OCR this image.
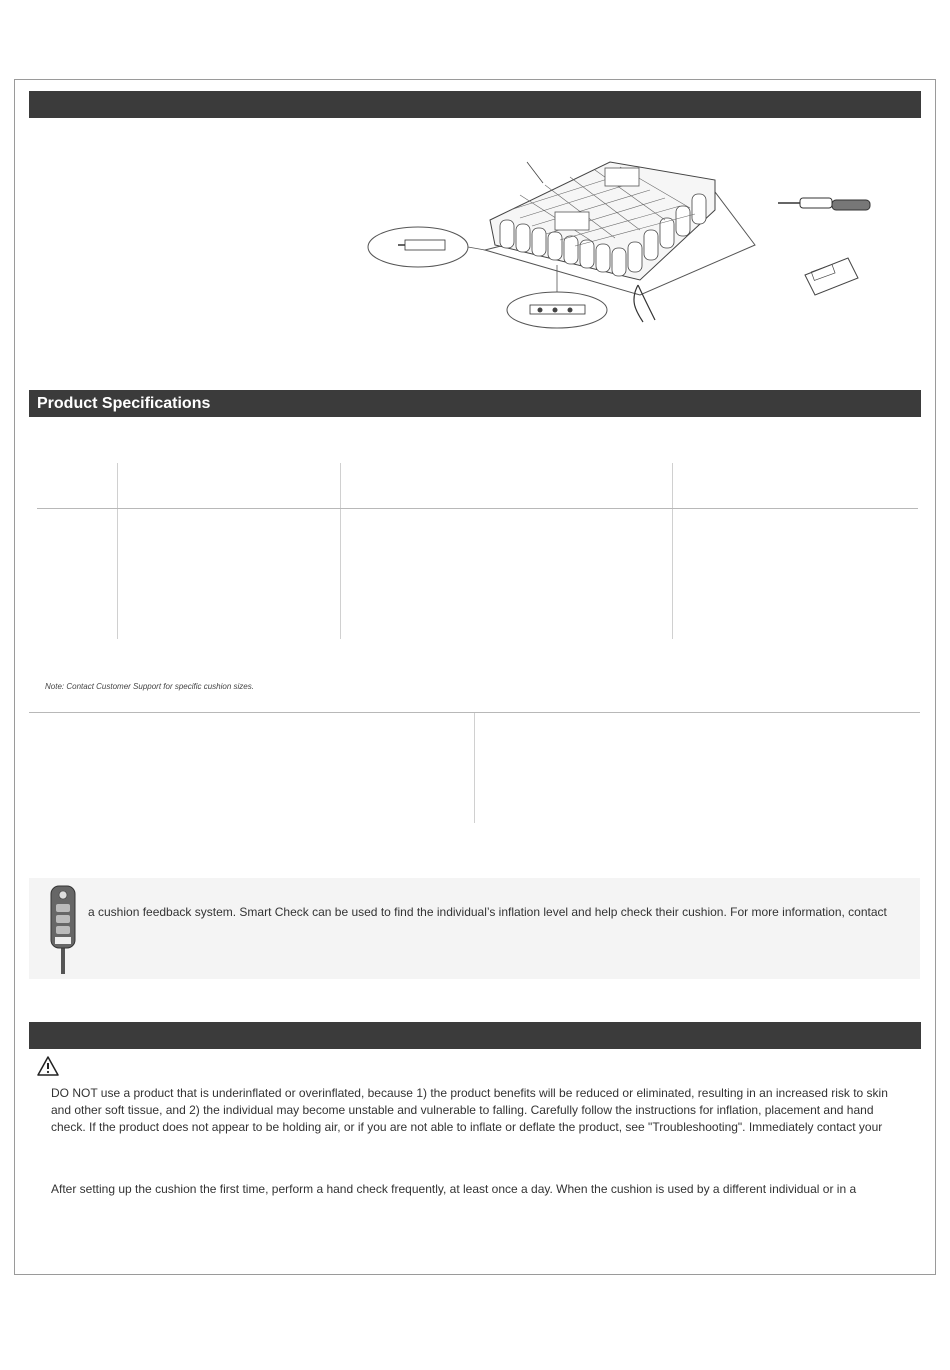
Product Specifications
Note: Contact Customer Support for specific cushion sizes.
a cushion feedback system. Smart Check can be used to find the individual’s inflation level and help check their cushion. For more information, contact
DO NOT use a product that is underinflated or overinflated, because 1) the product benefits will be reduced or eliminated, resulting in an increased risk to skin and other soft tissue, and 2) the individual may become unstable and vulnerable to falling. Carefully follow the instructions for inflation, placement and hand check. If the product does not appear to be holding air, or if you are not able to inflate or deflate the product, see "Troubleshooting". Immediately contact your
After setting up the cushion the first time, perform a hand check frequently, at least once a day. When the cushion is used by a different individual or in a
